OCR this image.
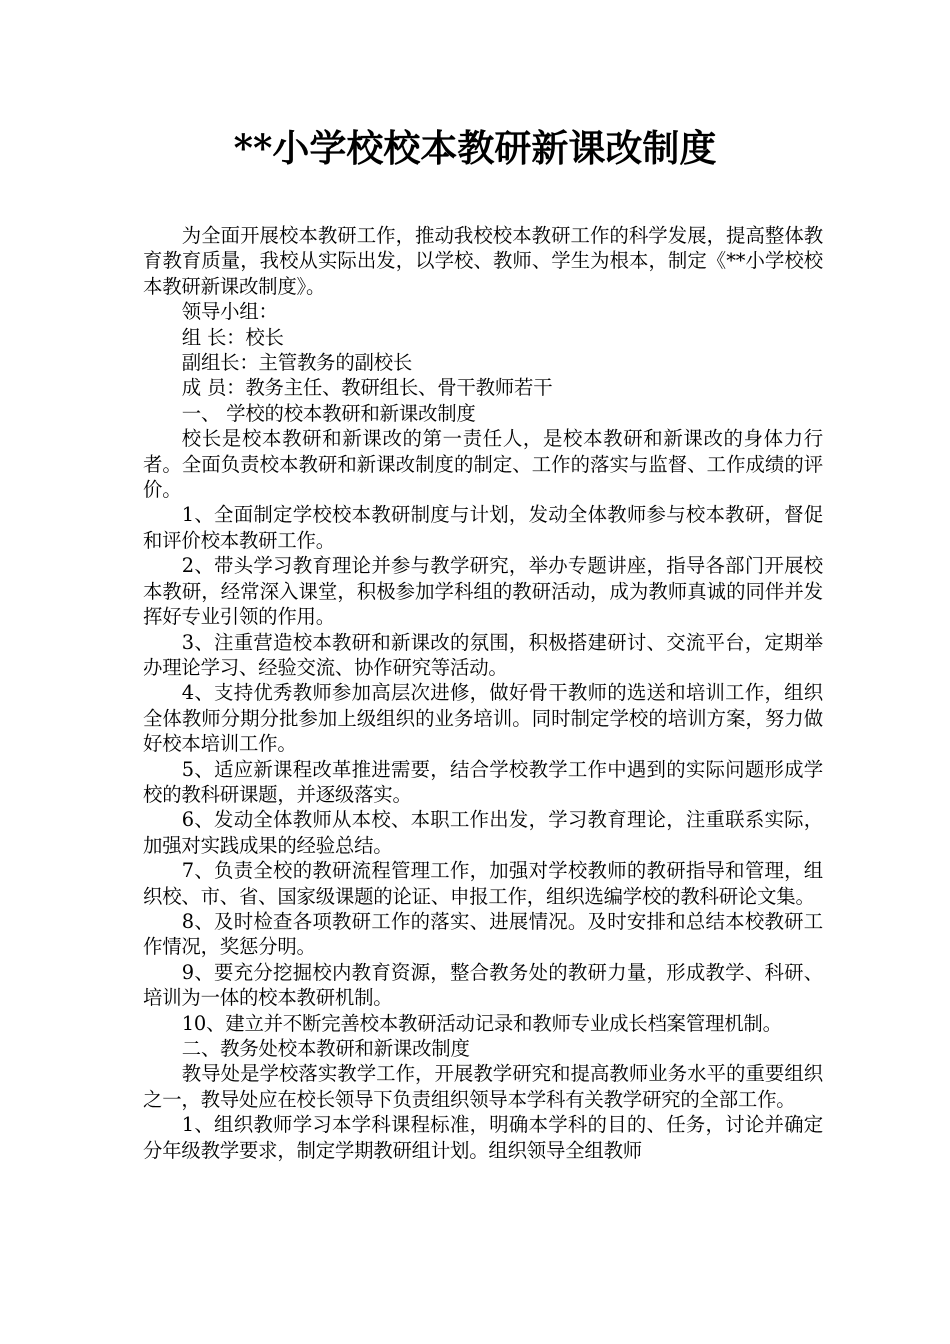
**小学校校本教研新课改制度

为全面开展校本教研工作，推动我校校本教研工作的科学发展，提高整体教育教育质量，我校从实际出发，以学校、教师、学生为根本，制定《**小学校校本教研新课改制度》。

领导小组：

组 长：校长

副组长：主管教务的副校长

成 员：教务主任、教研组长、骨干教师若干

一、 学校的校本教研和新课改制度

校长是校本教研和新课改的第一责任人，是校本教研和新课改的身体力行者。全面负责校本教研和新课改制度的制定、工作的落实与监督、工作成绩的评价。

1、全面制定学校校本教研制度与计划，发动全体教师参与校本教研，督促和评价校本教研工作。

2、带头学习教育理论并参与教学研究，举办专题讲座，指导各部门开展校本教研，经常深入课堂，积极参加学科组的教研活动，成为教师真诚的同伴并发挥好专业引领的作用。

3、注重营造校本教研和新课改的氛围，积极搭建研讨、交流平台，定期举办理论学习、经验交流、协作研究等活动。

4、支持优秀教师参加高层次进修，做好骨干教师的选送和培训工作，组织全体教师分期分批参加上级组织的业务培训。同时制定学校的培训方案，努力做好校本培训工作。

5、适应新课程改革推进需要，结合学校教学工作中遇到的实际问题形成学校的教科研课题，并逐级落实。

6、发动全体教师从本校、本职工作出发，学习教育理论，注重联系实际，加强对实践成果的经验总结。

7、负责全校的教研流程管理工作，加强对学校教师的教研指导和管理，组织校、市、省、国家级课题的论证、申报工作，组织选编学校的教科研论文集。

8、及时检查各项教研工作的落实、进展情况。及时安排和总结本校教研工作情况，奖惩分明。

9、要充分挖掘校内教育资源，整合教务处的教研力量，形成教学、科研、培训为一体的校本教研机制。

10、建立并不断完善校本教研活动记录和教师专业成长档案管理机制。

二、教务处校本教研和新课改制度

教导处是学校落实教学工作，开展教学研究和提高教师业务水平的重要组织之一，教导处应在校长领导下负责组织领导本学科有关教学研究的全部工作。

1、组织教师学习本学科课程标准，明确本学科的目的、任务，讨论并确定分年级教学要求，制定学期教研组计划。组织领导全组教师
